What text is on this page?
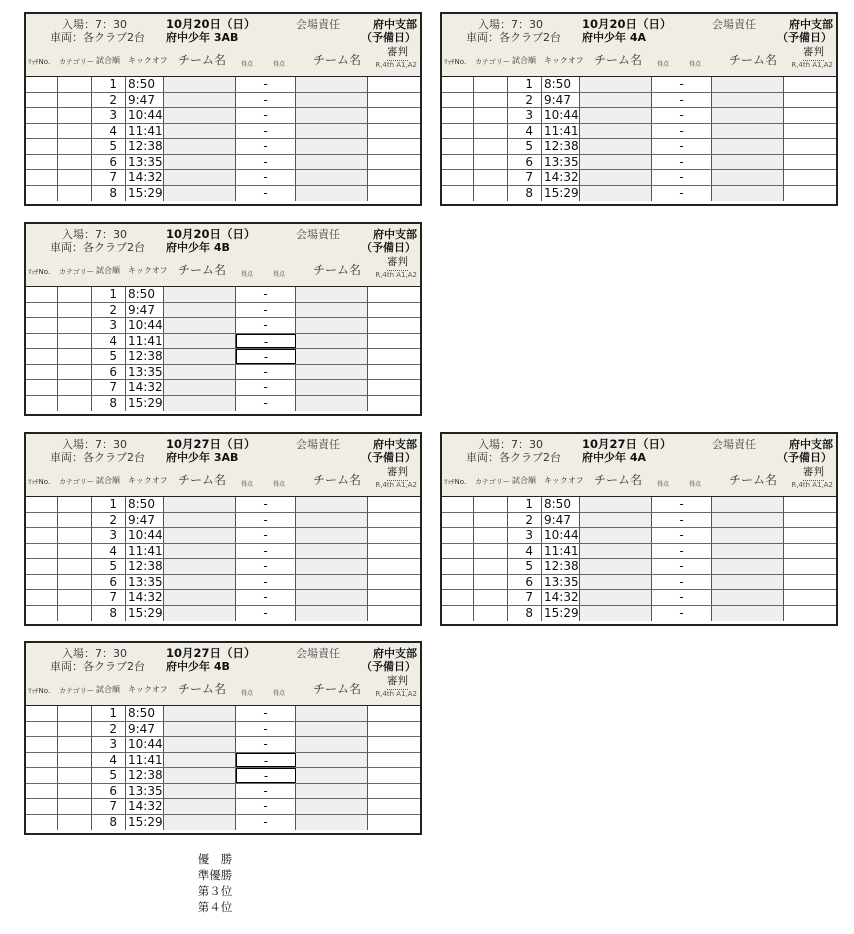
入場：7：30
車両：各クラブ2台
10月20日（日）
府中少年 3AB
会場責任	府中支部
（予備日）
審判
R,4th A1,A2
ﾏｯﾁNo. カテゴリー 試合順 キックオフ チーム名 得点	得点 チーム名
1 8:50	-
2 9:47	-
3 10:44	-
4 11:41	-
5 12:38	-
6 13:35	-
7 14:32	-
8 15:29	-
入場：7：30
車両：各クラブ2台
10月20日（日）
府中少年 4A
会場責任	府中支部
（予備日）
審判
R,4th A1,A2
ﾏｯﾁNo. カテゴリー 試合順 キックオフ チーム名 得点	得点 チーム名
1 8:50	-
2 9:47	-
3 10:44	-
4 11:41	-
5 12:38	-
6 13:35	-
7 14:32	-
8 15:29	-
入場：7：30
車両：各クラブ2台
10月20日（日）
府中少年 4B
会場責任	府中支部
（予備日）
審判
R,4th A1,A2
ﾏｯﾁNo. カテゴリー 試合順 キックオフ チーム名 得点	得点 チーム名
1 8:50	-
2 9:47	-
3 10:44	-
4 11:41	-
5 12:38	-
6 13:35	-
7 14:32	-
8 15:29	-
入場：7：30
車両：各クラブ2台
10月27日（日）
府中少年 3AB
会場責任	府中支部
（予備日）
審判
R,4th A1,A2
ﾏｯﾁNo. カテゴリー 試合順 キックオフ チーム名 得点	得点 チーム名
1 8:50	-
2 9:47	-
3 10:44	-
4 11:41	-
5 12:38	-
6 13:35	-
7 14:32	-
8 15:29	-
入場：7：30
車両：各クラブ2台
10月27日（日）
府中少年 4A
会場責任	府中支部
（予備日）
審判
R,4th A1,A2
ﾏｯﾁNo. カテゴリー 試合順 キックオフ チーム名 得点	得点 チーム名
1 8:50	-
2 9:47	-
3 10:44	-
4 11:41	-
5 12:38	-
6 13:35	-
7 14:32	-
8 15:29	-
入場：7：30
車両：各クラブ2台
10月27日（日）
府中少年 4B
会場責任	府中支部
（予備日）
審判
R,4th A1,A2
ﾏｯﾁNo. カテゴリー 試合順 キックオフ チーム名 得点	得点 チーム名
1 8:50	-
2 9:47	-
3 10:44	-
4 11:41	-
5 12:38	-
6 13:35	-
7 14:32	-
8 15:29	-
優　勝
準優勝
第３位
第４位
